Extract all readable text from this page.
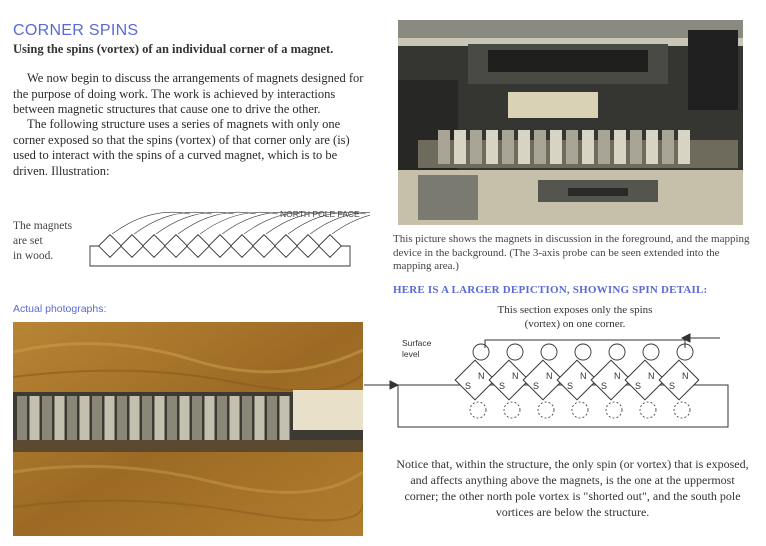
CORNER SPINS
Using the spins (vortex) of an individual corner of a magnet.
We now begin to discuss the arrangements of magnets designed for the purpose of doing work. The work is achieved by interactions between magnetic structures that cause one to drive the other.
The following structure uses a series of magnets with only one corner exposed so that the spins (vortex) of that corner only are (is) used to interact with the spins of a curved magnet, which is to be driven. Illustration:
The magnets
are set
in wood.
NORTH POLE FACE
Actual photographs:
This picture shows the magnets in discussion in the foreground, and the mapping device in the background. (The 3-axis probe can be seen extended into the mapping area.)
HERE IS A LARGER DEPICTION, SHOWING SPIN DETAIL:
This section exposes only the spins
(vortex) on one corner.
N
S
N
S
N
S
N
S
N
S
N
S
N
S
Surface
level
Notice that, within the structure, the only spin (or vortex) that is exposed, and affects anything above the magnets, is the one at the uppermost corner; the other north pole vortex is "shorted out", and the south pole vortices are below the structure.
